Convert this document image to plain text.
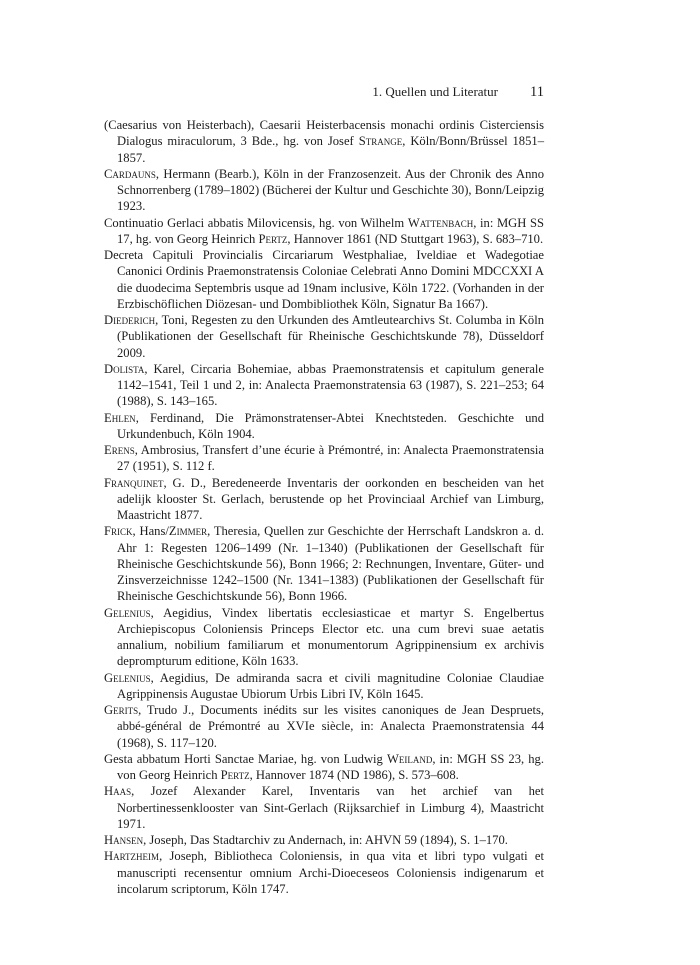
1. Quellen und Literatur 11

(Caesarius von Heisterbach), Caesarii Heisterbacensis monachi ordinis Cisterciensis Dialogus miraculorum, 3 Bde., hg. von Josef Strange, Köln/Bonn/Brüssel 1851–1857.

Cardauns, Hermann (Bearb.), Köln in der Franzosenzeit. Aus der Chronik des Anno Schnorrenberg (1789–1802) (Bücherei der Kultur und Geschichte 30), Bonn/Leipzig 1923.

Continuatio Gerlaci abbatis Milovicensis, hg. von Wilhelm Wattenbach, in: MGH SS 17, hg. von Georg Heinrich Pertz, Hannover 1861 (ND Stuttgart 1963), S. 683–710.

Decreta Capituli Provincialis Circariarum Westphaliae, Iveldiae et Wadegotiae Canonici Ordinis Praemonstratensis Coloniae Celebrati Anno Domini MDCCXXI A die duodecima Septembris usque ad 19nam inclusive, Köln 1722. (Vorhanden in der Erzbischöflichen Diözesan- und Dombibliothek Köln, Signatur Ba 1667).

Diederich, Toni, Regesten zu den Urkunden des Amtleutearchivs St. Columba in Köln (Publikationen der Gesellschaft für Rheinische Geschichtskunde 78), Düsseldorf 2009.

Dolista, Karel, Circaria Bohemiae, abbas Praemonstratensis et capitulum generale 1142–1541, Teil 1 und 2, in: Analecta Praemonstratensia 63 (1987), S. 221–253; 64 (1988), S. 143–165.

Ehlen, Ferdinand, Die Prämonstratenser-Abtei Knechtsteden. Geschichte und Urkundenbuch, Köln 1904.

Erens, Ambrosius, Transfert d’une écurie à Prémontré, in: Analecta Praemonstratensia 27 (1951), S. 112 f.

Franquinet, G. D., Beredeneerde Inventaris der oorkonden en bescheiden van het adelijk klooster St. Gerlach, berustende op het Provinciaal Archief van Limburg, Maastricht 1877.

Frick, Hans/Zimmer, Theresia, Quellen zur Geschichte der Herrschaft Landskron a. d. Ahr 1: Regesten 1206–1499 (Nr. 1–1340) (Publikationen der Gesellschaft für Rheinische Geschichtskunde 56), Bonn 1966; 2: Rechnungen, Inventare, Güter- und Zinsverzeichnisse 1242–1500 (Nr. 1341–1383) (Publikationen der Gesellschaft für Rheinische Geschichtskunde 56), Bonn 1966.

Gelenius, Aegidius, Vindex libertatis ecclesiasticae et martyr S. Engelbertus Archiepiscopus Coloniensis Princeps Elector etc. una cum brevi suae aetatis annalium, nobilium familiarum et monumentorum Agrippinensium ex archivis deprompturum editione, Köln 1633.

Gelenius, Aegidius, De admiranda sacra et civili magnitudine Coloniae Claudiae Agrippinensis Augustae Ubiorum Urbis Libri IV, Köln 1645.

Gerits, Trudo J., Documents inédits sur les visites canoniques de Jean Despruets, abbé-général de Prémontré au XVIe siècle, in: Analecta Praemonstratensia 44 (1968), S. 117–120.

Gesta abbatum Horti Sanctae Mariae, hg. von Ludwig Weiland, in: MGH SS 23, hg. von Georg Heinrich Pertz, Hannover 1874 (ND 1986), S. 573–608.

Haas, Jozef Alexander Karel, Inventaris van het archief van het Norbertinessenklooster van Sint-Gerlach (Rijksarchief in Limburg 4), Maastricht 1971.

Hansen, Joseph, Das Stadtarchiv zu Andernach, in: AHVN 59 (1894), S. 1–170.

Hartzheim, Joseph, Bibliotheca Coloniensis, in qua vita et libri typo vulgati et manuscripti recensentur omnium Archi-Dioeceseos Coloniensis indigenarum et incolarum scriptorum, Köln 1747.
